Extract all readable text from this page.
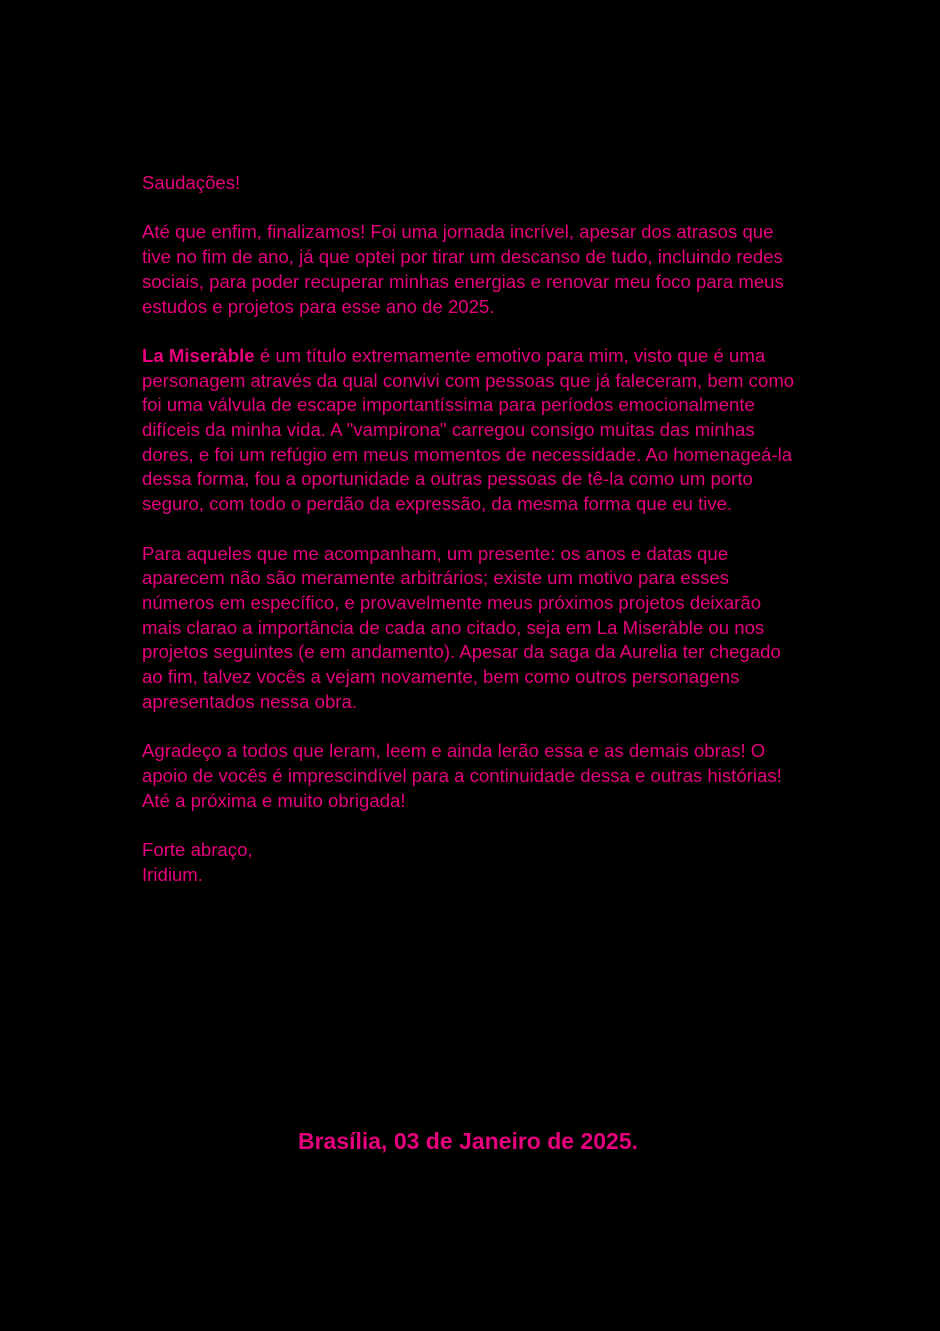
Saudações!

Até que enfim, finalizamos! Foi uma jornada incrível, apesar dos atrasos que tive no fim de ano, já que optei por tirar um descanso de tudo, incluindo redes sociais, para poder recuperar minhas energias e renovar meu foco para meus estudos e projetos para esse ano de 2025.

La Miseràble é um título extremamente emotivo para mim, visto que é uma personagem através da qual convivi com pessoas que já faleceram, bem como foi uma válvula de escape importantíssima para períodos emocionalmente difíceis da minha vida. A "vampirona" carregou consigo muitas das minhas dores, e foi um refúgio em meus momentos de necessidade. Ao homenageá-la dessa forma, fou a oportunidade a outras pessoas de tê-la como um porto seguro, com todo o perdão da expressão, da mesma forma que eu tive.

Para aqueles que me acompanham, um presente: os anos e datas que aparecem não são meramente arbitrários; existe um motivo para esses números em específico, e provavelmente meus próximos projetos deixarão mais clarao a importância de cada ano citado, seja em La Miseràble ou nos projetos seguintes (e em andamento). Apesar da saga da Aurelia ter chegado ao fim, talvez vocês a vejam novamente, bem como outros personagens apresentados nessa obra.

Agradeço a todos que leram, leem e ainda lerão essa e as demais obras! O apoio de vocês é imprescindível para a continuidade dessa e outras histórias! Até a próxima e muito obrigada!

Forte abraço,

Iridium.

Brasília, 03 de Janeiro de 2025.
